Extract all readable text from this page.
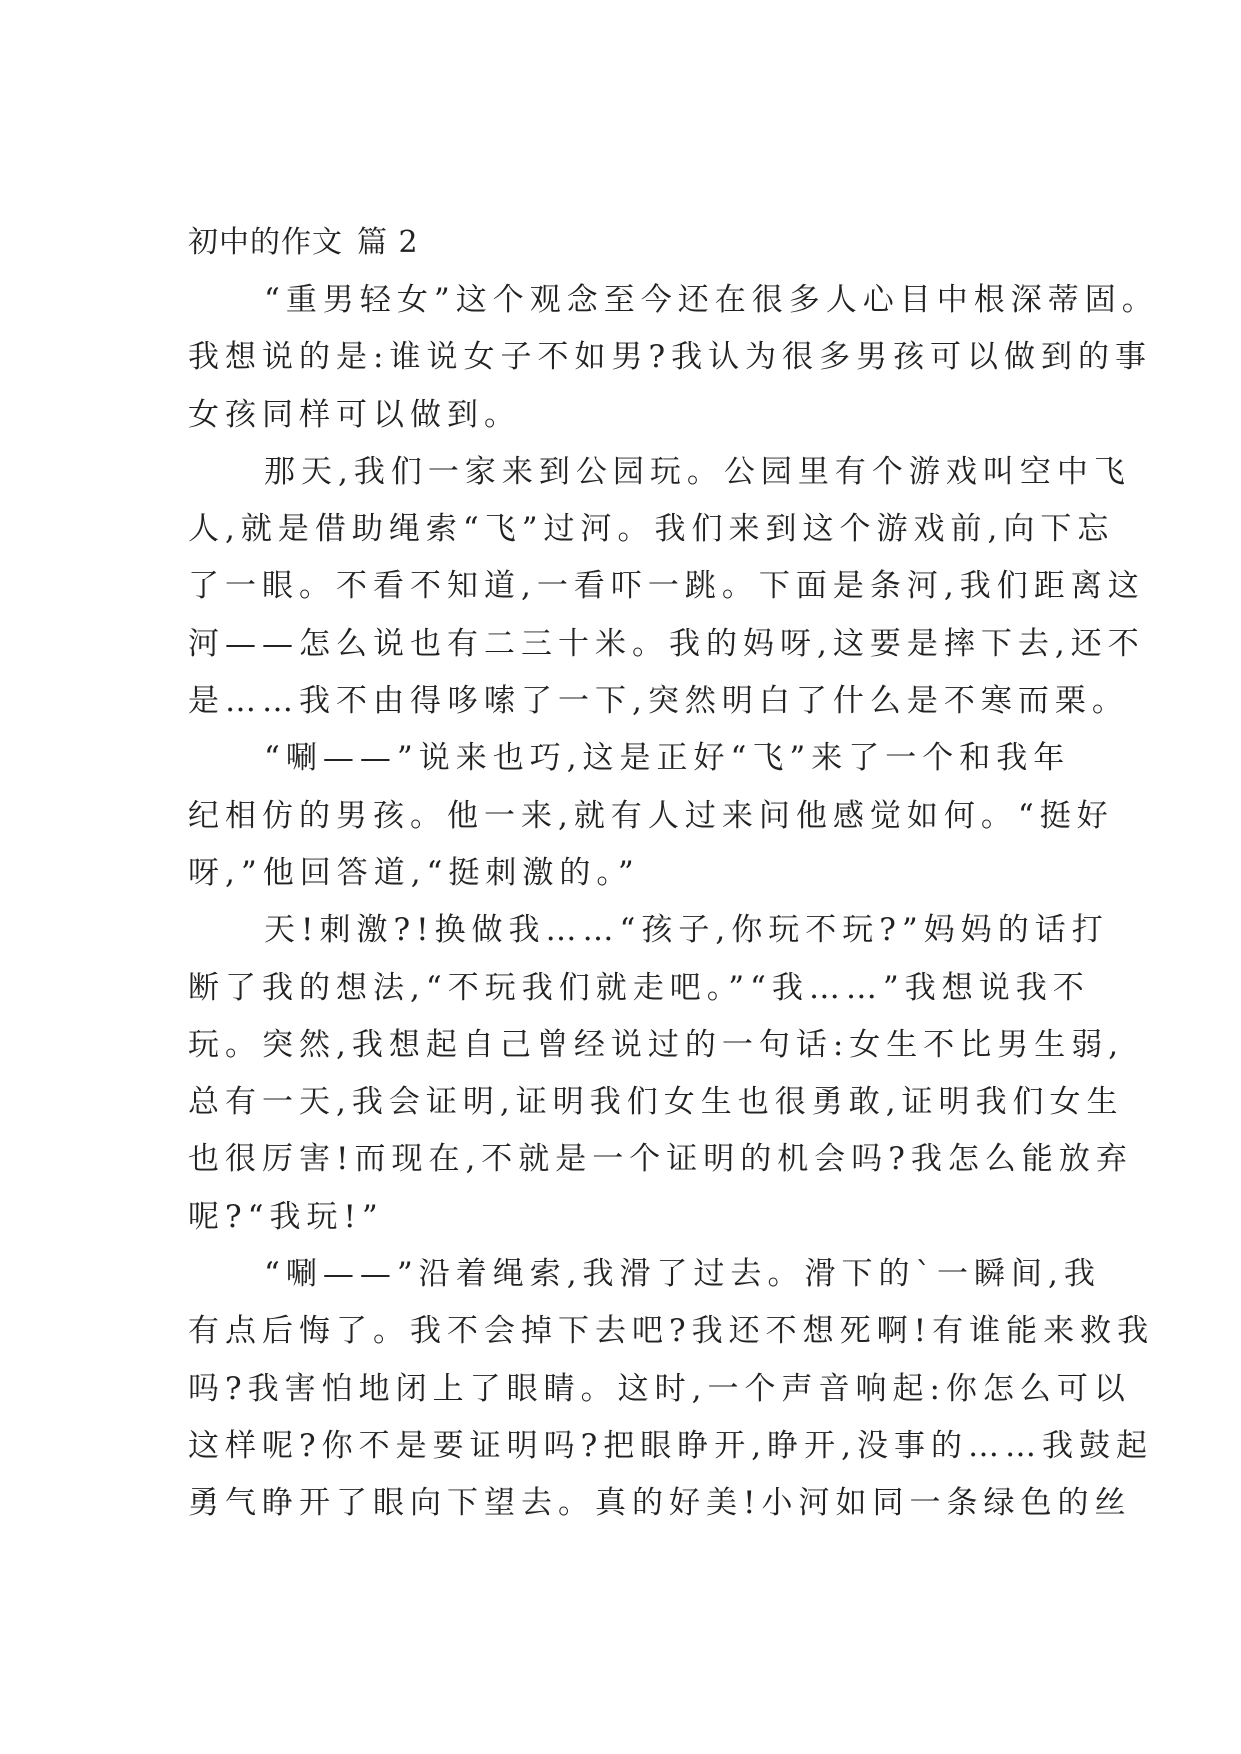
初中的作文 篇 2
“重男轻女”这个观念至今还在很多人心目中根深蒂固。
我想说的是:谁说女子不如男?我认为很多男孩可以做到的事
女孩同样可以做到。
那天,我们一家来到公园玩。公园里有个游戏叫空中飞
人,就是借助绳索“飞”过河。我们来到这个游戏前,向下忘
了一眼。不看不知道,一看吓一跳。下面是条河,我们距离这
河——怎么说也有二三十米。我的妈呀,这要是摔下去,还不
是……我不由得哆嗦了一下,突然明白了什么是不寒而栗。
“唰——”说来也巧,这是正好“飞”来了一个和我年
纪相仿的男孩。他一来,就有人过来问他感觉如何。“挺好
呀,”他回答道,“挺刺激的。”
天!刺激?!换做我……“孩子,你玩不玩?”妈妈的话打
断了我的想法,“不玩我们就走吧。”“我……”我想说我不
玩。突然,我想起自己曾经说过的一句话:女生不比男生弱,
总有一天,我会证明,证明我们女生也很勇敢,证明我们女生
也很厉害!而现在,不就是一个证明的机会吗?我怎么能放弃
呢?“我玩!”
“唰——”沿着绳索,我滑了过去。滑下的`一瞬间,我
有点后悔了。我不会掉下去吧?我还不想死啊!有谁能来救我
吗?我害怕地闭上了眼睛。这时,一个声音响起:你怎么可以
这样呢?你不是要证明吗?把眼睁开,睁开,没事的……我鼓起
勇气睁开了眼向下望去。真的好美!小河如同一条绿色的丝
